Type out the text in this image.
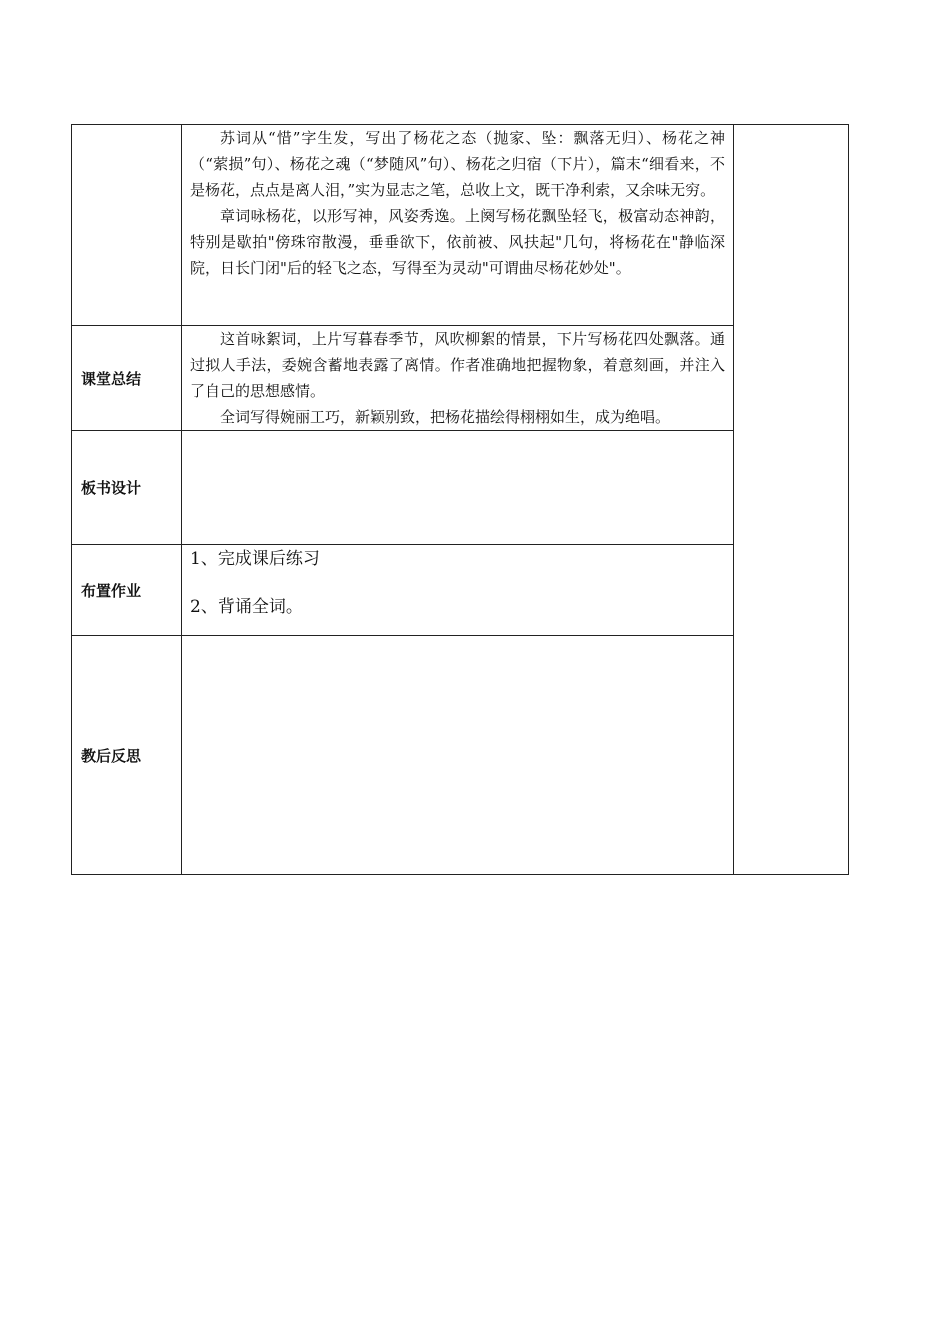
	苏词从“惜”字生发，写出了杨花之态（抛家、坠：飘落无归）、杨花之神（“萦损”句）、杨花之魂（“梦随风”句）、杨花之归宿（下片），篇末“细看来，不是杨花，点点是离人泪，”实为显志之笔，总收上文，既干净利索，又余味无穷。

章词咏杨花，以形写神，风姿秀逸。上阕写杨花飘坠轻飞，极富动态神韵，特别是歇拍"傍珠帘散漫，垂垂欲下，依前被、风扶起"几句，将杨花在"静临深院，日长门闭"后的轻飞之态，写得至为灵动"可谓曲尽杨花妙处"。	

课堂总结	这首咏絮词，上片写暮春季节，风吹柳絮的情景，下片写杨花四处飘落。通过拟人手法，委婉含蓄地表露了离情。作者准确地把握物象，着意刻画，并注入了自己的思想感情。

全词写得婉丽工巧，新颖别致，把杨花描绘得栩栩如生，成为绝唱。	

板书设计		
布置作业	1、完成课后练习

2、背诵全词。	

教后反思		
